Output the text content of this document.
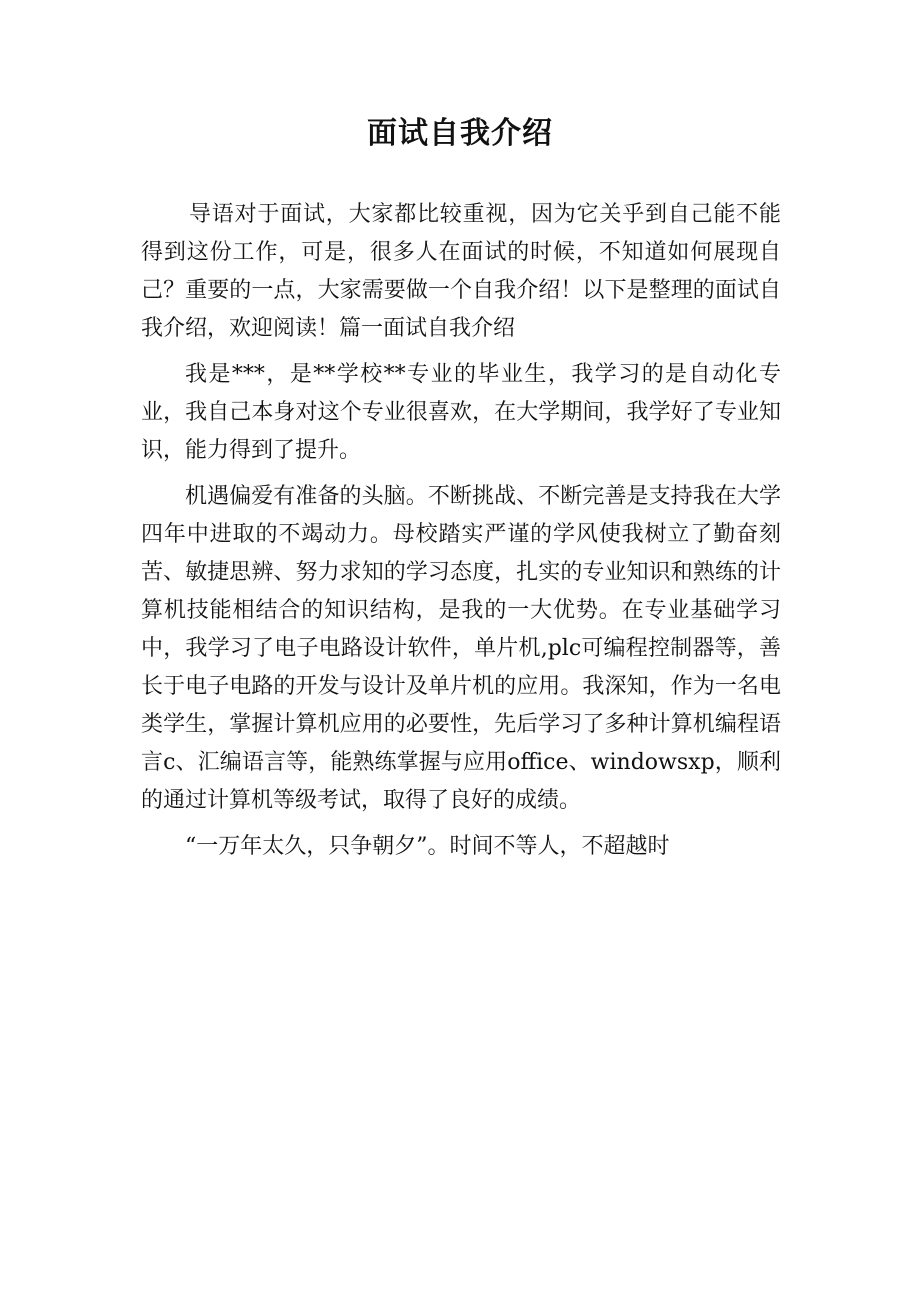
面试自我介绍

导语对于面试，大家都比较重视，因为它关乎到自己能不能得到这份工作，可是，很多人在面试的时候，不知道如何展现自己？重要的一点，大家需要做一个自我介绍！以下是整理的面试自我介绍，欢迎阅读！篇一面试自我介绍

我是***，是**学校**专业的毕业生，我学习的是自动化专业，我自己本身对这个专业很喜欢，在大学期间，我学好了专业知识，能力得到了提升。

机遇偏爱有准备的头脑。不断挑战、不断完善是支持我在大学四年中进取的不竭动力。母校踏实严谨的学风使我树立了勤奋刻苦、敏捷思辨、努力求知的学习态度，扎实的专业知识和熟练的计算机技能相结合的知识结构，是我的一大优势。在专业基础学习中，我学习了电子电路设计软件，单片机,plc可编程控制器等，善长于电子电路的开发与设计及单片机的应用。我深知，作为一名电类学生，掌握计算机应用的必要性，先后学习了多种计算机编程语言c、汇编语言等，能熟练掌握与应用office、windowsxp，顺利的通过计算机等级考试，取得了良好的成绩。

“一万年太久，只争朝夕”。时间不等人，不超越时
